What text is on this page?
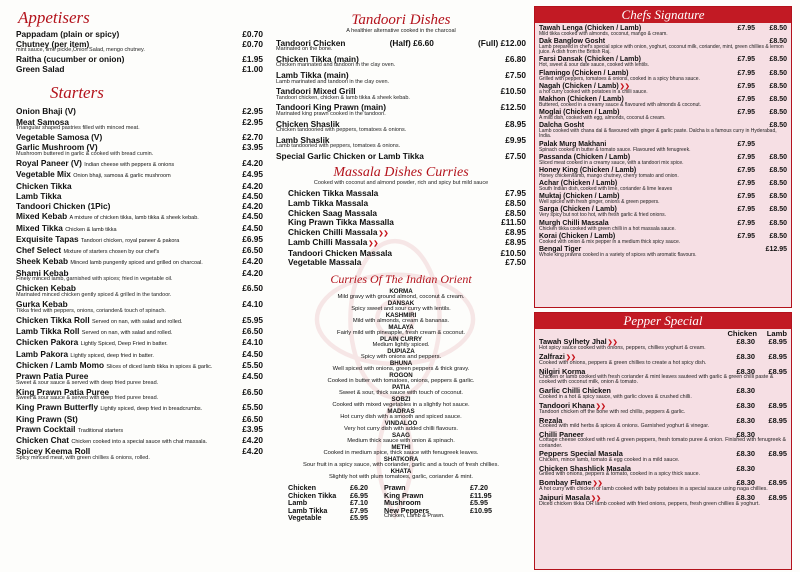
Appetisers
Pappadam (plain or spicy)	£0.70
Chutney (per item)	£0.70
mint sauce, lime pickle,Onion Salad, mengo chutney.
Raitha (cucumber or onion)	£1.95
Green Salad	£1.00
Starters
Onion Bhaji (V)	£2.95
Meat Samosa	£2.95
Triangular shaped pastries filled with minced meat.
Vegetable Samosa (V)	£2.70
Garlic Mushroom (V)	£3.95
Mushroom buttered in garlic & cooked with bread cumin.
Royal Paneer (V) Indian cheese with peppers & onions	£4.20
Vegetable Mix Onion bhaji, samosa & garlic mushroom	£4.95
Chicken Tikka	£4.20
Lamb Tikka	£4.50
Tandoori Chicken (1Pic)	£4.20
Mixed Kebab A mixture of chicken tikka, lamb tikka & sheek kebab.	£4.50
Mixed Tikka Chicken & lamb tikka	£4.50
Exquisite Tapas Tandoori chicken, royal paneer & pakora	£6.95
Chef Select Mixture of starters chosen by our chef's	£6.50
Sheek Kebab Minced lamb pungently spiced and grilled on charcoal.	£4.20
Shami Kebab	£4.20
Finely minced lamb, garnished with spices; fried in vegetable oil.
Chicken Kebab	£6.50
Marinated minced chicken gently spiced & grilled in the tandoor.
Gurka Kebab	£4.10
Tikka fried with peppers, onions, coriander& touch of spinach.
Chicken Tikka Roll Served on nan, with salad and rolled.	£5.95
Lamb Tikka Roll Served on nan, with salad and rolled.	£6.50
Chicken Pakora Lightly Spiced, Deep Fried in batter.	£4.10
Lamb Pakora Lightly spiced, deep fried in batter.	£4.50
Chicken / Lamb Momo Slices of diced lamb tikka in spices & garlic.	£5.50
Prawn Patia Puree	£4.50
Sweet & sour sauce & served with deep fried puree bread.
King Prawn Patia Puree	£6.50
Sweet & sour sauce & served with deep fried puree bread.
King Prawn Butterfly Lightly spiced, deep fried in breadcrumbs.	£5.50
King Prawn (St)	£6.50
Prawn Cocktail Traditional starters	£3.95
Chicken Chat Chicken cooked into a special sauce with chat massala.	£4.20
Spicey Keema Roll	£4.20
Spicy minced meat, with green chillies & onions, rolled.
Tandoori Dishes
A healthier alternative cooked in the charcoal
Tandoori Chicken	(Half) £6.60	(Full) £12.00
Marinated on the bone.
Chicken Tikka (main)	£6.80
Chicken marinated and tandoori in the clay oven.
Lamb Tikka (main)	£7.50
Lamb marinated and tandoori in the clay oven.
Tandoori Mixed Grill	£10.50
Tandoori chicken, chicken & lamb tikka & sheek kebab.
Tandoori King Prawn (main)	£12.50
Marinated king prawn cooked in the tandoori.
Chicken Shaslik	£8.95
Chicken tandooried with peppers, tomatoes & onions.
Lamb Shaslik	£9.95
Lamb tandooried with peppers, tomatoes & onions.
Special Garlic Chicken or Lamb Tikka	£7.50
Massala Dishes Curries
Cooked with coconut and almond powder, rich and spicy but mild sauce
Chicken Tikka Massala	£7.95
Lamb Tikka Massala	£8.50
Chicken Saag Massala	£8.50
King Prawn Tikka Massalla	£11.50
Chicken Chilli Massala❯❯	£8.95
Lamb Chilli Massala❯❯	£8.95
Tandoori Chicken Massala	£10.50
Vegetable Massala	£7.50
Curries Of The Indian Orient
KORMA
Mild gravy with ground almond, coconut & cream.
DANSAK
Spicy sweet and sour curry with lentils.
KASHMIRI
Mild with almonds, cream & bananas.
MALAYA
Fairly mild with pineapple, fresh cream & coconut.
PLAIN CURRY
Medium lightly spiced.
DUPIAZA
Spicy with onions and peppers.
BHUNA
Well spiced with onions, green peppers & thick gravy.
ROGON
Cooked in butter with tomatoes, onions, peppers & garlic.
PATIA
Sweet & sour, thick sauce with touch of coconut.
SOBZI
Cooked with mixed vegetables in a slightly hot sauce.
MADRAS
Hot curry dish with a smooth and spiced sauce.
VINDALOO
Very hot curry dish with added chilli flavours.
SAAG
Medium thick sauce with onion & spinach.
METHI
Cooked in medium spice, thick sauce with fenugreek leaves.
SHATKORA
Sour fruit in a spicy sauce, with coriander, garlic and a touch of fresh chillies.
KHATA
Slightly hot with plum tomatoes, garlic, coriander & mint.
Chicken	£6.20	Prawn	£7.20
Chicken Tikka	£6.95	King Prawn	£11.95
Lamb	£7.10	Mushroom	£5.95
Lamb Tikka	£7.95	New Peppers	£10.95
Vegetable	£5.95	Chicken, Lamb & Prawn.
Chefs Signature
Tawah Lenga (Chicken / Lamb)	£7.95	£8.50
Mild tikka cooked with almonds, coconut, mango & cream.
Dak Banglow Gosht	£8.50
Lamb prepared in chef's special spice with onion, yoghurt, coconut milk, coriander, mint, green chillies & lemon juice. A dish from the British Raj.
Farsi Dansak (Chicken / Lamb)	£7.95	£8.50
Hot, sweet & sour date sauce, cooked with lentils.
Flamingo (Chicken / Lamb)	£7.95	£8.50
Grilled with peppers, tomatoes & onions, cooked in a spicy bhuna sauce.
Nagah (Chicken / Lamb)❯❯	£7.95	£8.50
a hot curry cooked with potatoes in a chilli sauce.
Makhon (Chicken / Lamb)	£7.95	£8.50
Buttered, cooked in a creamy sauce & flavoured with almonds & coconut.
Moglai (Chicken / Lamb)	£7.95	£8.50
A mild dish, cooked with egg, almonds, coconut & cream.
Dalcha Gosht	£8.50
Lamb cooked with chana dal & flavoured with ginger & garlic paste. Dalcha is a famous curry in Hyderabad, India.
Palak Murg Makhani	£7.95
Spinach cooked in butter & tomato sauce. Flavoured with fenugreek.
Passanda (Chicken / Lamb)	£7.95	£8.50
Sliced meat cooked in a creamy sauce, with a tandoori mix spice.
Honey King (Chicken / Lamb)	£7.95	£8.50
Honey chicken/lamb, mango chutney, cherry tomato and onion.
Achar (Chicken / Lamb)	£7.95	£8.50
South Indian dish, cooked with lime, coriander & lime leaves
Muktaj (Chicken / Lamb)	£7.95	£8.50
Well spiced with fresh ginger, onions & green peppers.
Sarga (Chicken / Lamb)	£7.95	£8.50
Very spicy but not too hot, with fresh garlic & fried onions.
Murgh Chilli Massala	£7.95	£8.50
Chicken tikka cooked with green chilli in a hot massala sauce.
Korai (Chicken / Lamb)	£7.95	£8.50
Cooked with onion & mix pepper in a medium thick spicy sauce.
Bengal Tiger	£12.95
Whole king prawns cooked in a variety of spices with aromatic flavours.
Pepper Special
Chicken	Lamb
Tawah Sylhety Jhal❯❯	£8.30	£8.95
Hot spicy sauce cooked with onions, peppers, chillies yoghurt & cream.
Zalfrazi❯❯	£8.30	£8.95
Cooked with onions, peppers & green chillies to create a hot spicy dish.
Nilgiri Korma	£8.30	£8.95
Chicken or lamb cooked with fresh coriander & mint leaves sauteed with garlic & green chilli paste & cooked with coconut milk, onion & tomato.
Garlic Chilli Chicken	£8.30
Cooked in a hot & spicy sauce, with garlic cloves & crushed chilli.
Tandoori Khana❯❯	£8.30	£8.95
Tandoori chicken off the bone with red chillis, peppers & garlic.
Rezala	£8.30	£8.95
Cooked with mild herbs & spices & onions. Garnished yoghurt & vinegar.
Chilli Paneer	£8.30
Cottage cheese cooked with red & green peppers, fresh tomato puree & onion. Finished with fenugreek & coriander.
Peppers Special Masala	£8.30	£8.95
Chicken, mince lamb, tomato & egg cooked in a mild sauce.
Chicken Shashlick Masala	£8.30
Grilled with onions, peppers & tomato, cooked in a spicy thick sauce.
Bombay Flame❯❯	£8.30	£8.95
A hot curry with chicken or lamb cooked with baby potatoes in a special sauce using naga chillies.
Jaipuri Masala❯❯	£8.30	£8.95
Diced chicken tikka OR lamb cooked with fried onions, peppers, fresh green chillies & yoghurt.
